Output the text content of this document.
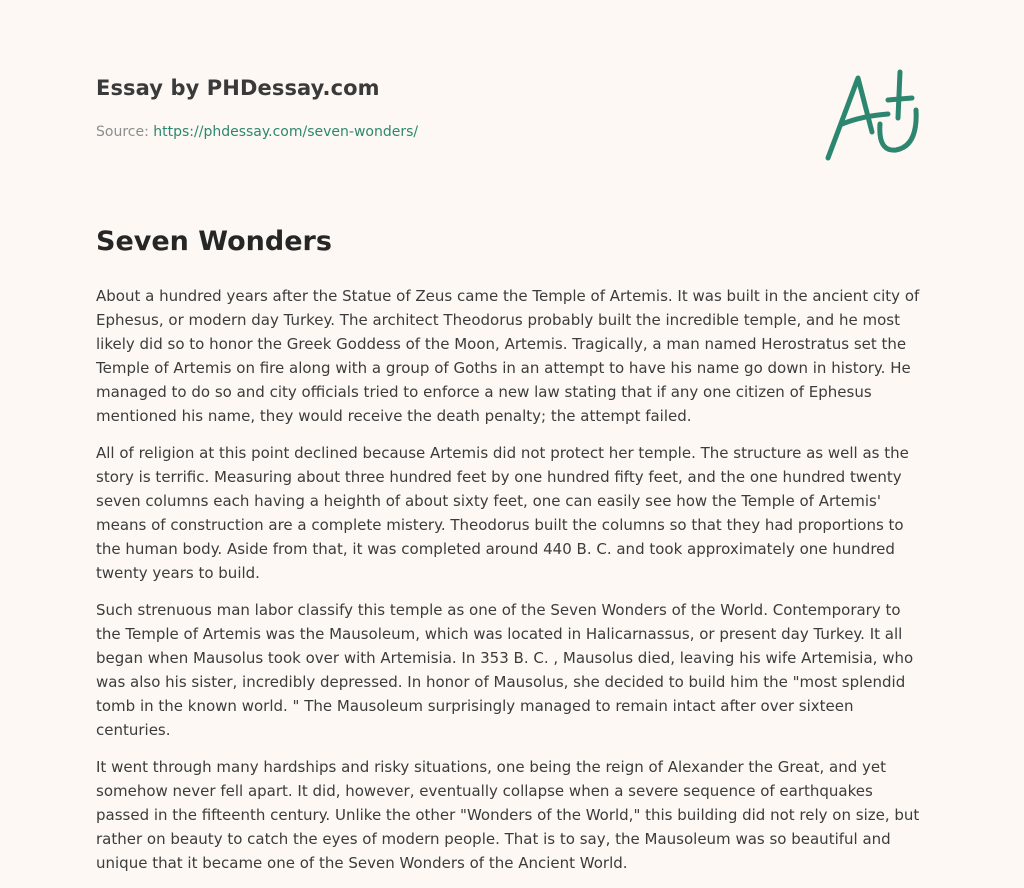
Essay by PHDessay.com
Source: https://phdessay.com/seven-wonders/
Seven Wonders

About a hundred years after the Statue of Zeus came the Temple of Artemis. It was built in the ancient city of Ephesus, or modern day Turkey. The architect Theodorus probably built the incredible temple, and he most likely did so to honor the Greek Goddess of the Moon, Artemis. Tragically, a man named Herostratus set the Temple of Artemis on fire along with a group of Goths in an attempt to have his name go down in history. He managed to do so and city officials tried to enforce a new law stating that if any one citizen of Ephesus mentioned his name, they would receive the death penalty; the attempt failed.

All of religion at this point declined because Artemis did not protect her temple. The structure as well as the story is terrific. Measuring about three hundred feet by one hundred fifty feet, and the one hundred twenty seven columns each having a heighth of about sixty feet, one can easily see how the Temple of Artemis' means of construction are a complete mistery. Theodorus built the columns so that they had proportions to the human body. Aside from that, it was completed around 440 B. C. and took approximately one hundred twenty years to build.

Such strenuous man labor classify this temple as one of the Seven Wonders of the World. Contemporary to the Temple of Artemis was the Mausoleum, which was located in Halicarnassus, or present day Turkey. It all began when Mausolus took over with Artemisia. In 353 B. C. , Mausolus died, leaving his wife Artemisia, who was also his sister, incredibly depressed. In honor of Mausolus, she decided to build him the "most splendid tomb in the known world. " The Mausoleum surprisingly managed to remain intact after over sixteen centuries.

It went through many hardships and risky situations, one being the reign of Alexander the Great, and yet somehow never fell apart. It did, however, eventually collapse when a severe sequence of earthquakes passed in the fifteenth century. Unlike the other "Wonders of the World," this building did not rely on size, but rather on beauty to catch the eyes of modern people. That is to say, the Mausoleum was so beautiful and unique that it became one of the Seven Wonders of the Ancient World.
